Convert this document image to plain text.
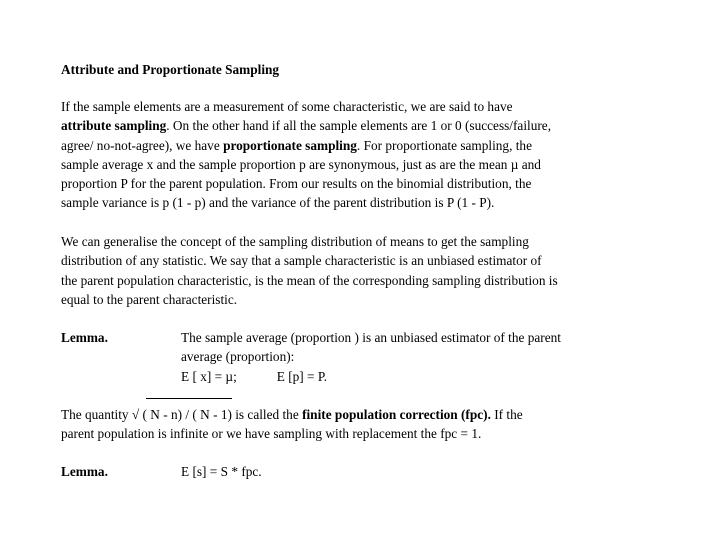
Attribute and Proportionate Sampling
If the sample elements are a measurement of some characteristic, we are said to have
attribute sampling. On the other hand if all the sample elements are 1 or 0 (success/failure,
agree/ no-not-agree), we have proportionate sampling. For proportionate sampling, the
sample average x and the sample proportion p are synonymous, just as are the mean µ and
proportion P for the parent population. From our results on the binomial distribution, the
sample variance is p (1 - p) and the variance of the parent distribution is P (1 - P).
We can generalise the concept of the sampling distribution of means to get the sampling
distribution of any statistic. We say that a sample characteristic is an unbiased estimator of
the parent population characteristic, is the mean of the corresponding sampling distribution is
equal to the parent characteristic.
Lemma.	The sample average (proportion ) is an unbiased estimator of the parent
average (proportion):
E [ x] = µ;	E [p] = P.
The quantity
√ ( N - n) / ( N - 1) is called the finite population correction (fpc). If the
parent population is infinite or we have sampling with replacement the fpc = 1.
Lemma.	E [s] = S * fpc.
